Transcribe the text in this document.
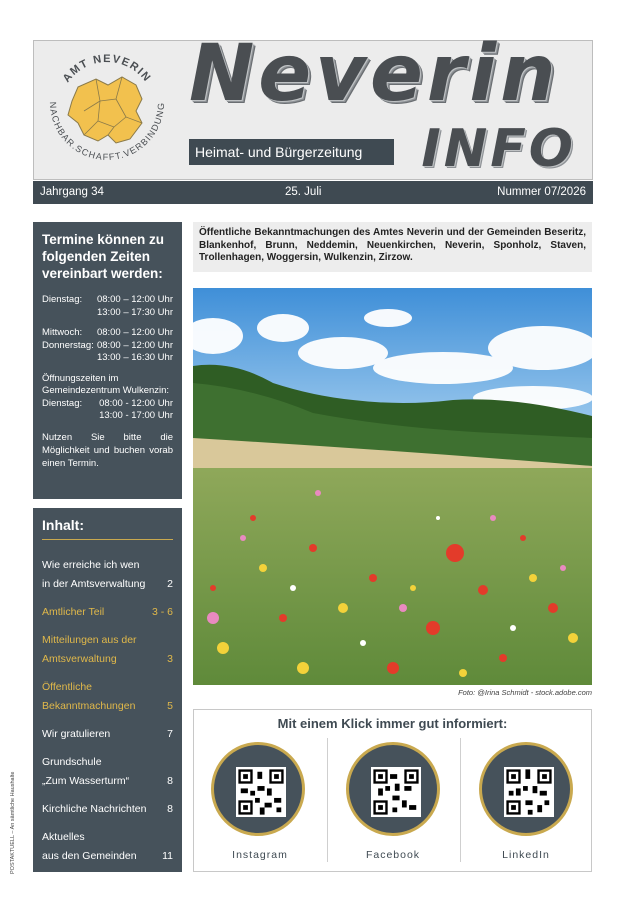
AMT NEVERIN
NACHBAR.SCHAFFT.VERBINDUNG Neverin
Heimat- und Bürgerzeitung	INFO
Jahrgang 34	25. Juli	Nummer 07/2026
Termine können zu folgenden Zeiten vereinbart werden:
Dienstag:	08:00 – 12:00 Uhr
13:00 – 17:30 Uhr
Mittwoch:	08:00 – 12:00 Uhr
Donnerstag: 08:00 – 12:00 Uhr
13:00 – 16:30 Uhr
Öffnungszeiten im Gemeindezentrum Wulkenzin:
Dienstag:	08:00 - 12:00 Uhr
13:00 - 17:00 Uhr
Nutzen Sie bitte die Möglichkeit und buchen vorab einen Termin.
Inhalt:
Wie erreiche ich wen
in der Amtsverwaltung	2
Amtlicher Teil	3 - 6
Mitteilungen aus der
Amtsverwaltung	3
Öffentliche
Bekanntmachungen	5
Wir gratulieren	7
Grundschule
„Zum Wasserturm“	8
Kirchliche Nachrichten	8
Aktuelles
aus den Gemeinden	11
POSTAKTUELL – An sämtliche Haushalte
Öffentliche Bekanntmachungen des Amtes Neverin und der Gemeinden Beseritz, Blankenhof, Brunn, Neddemin, Neuenkirchen, Neverin, Sponholz, Staven, Trollenhagen, Woggersin, Wulkenzin, Zirzow.
Foto: @Irina Schmidt - stock.adobe.com
Mit einem Klick immer gut informiert:
Instagram	Facebook	LinkedIn
